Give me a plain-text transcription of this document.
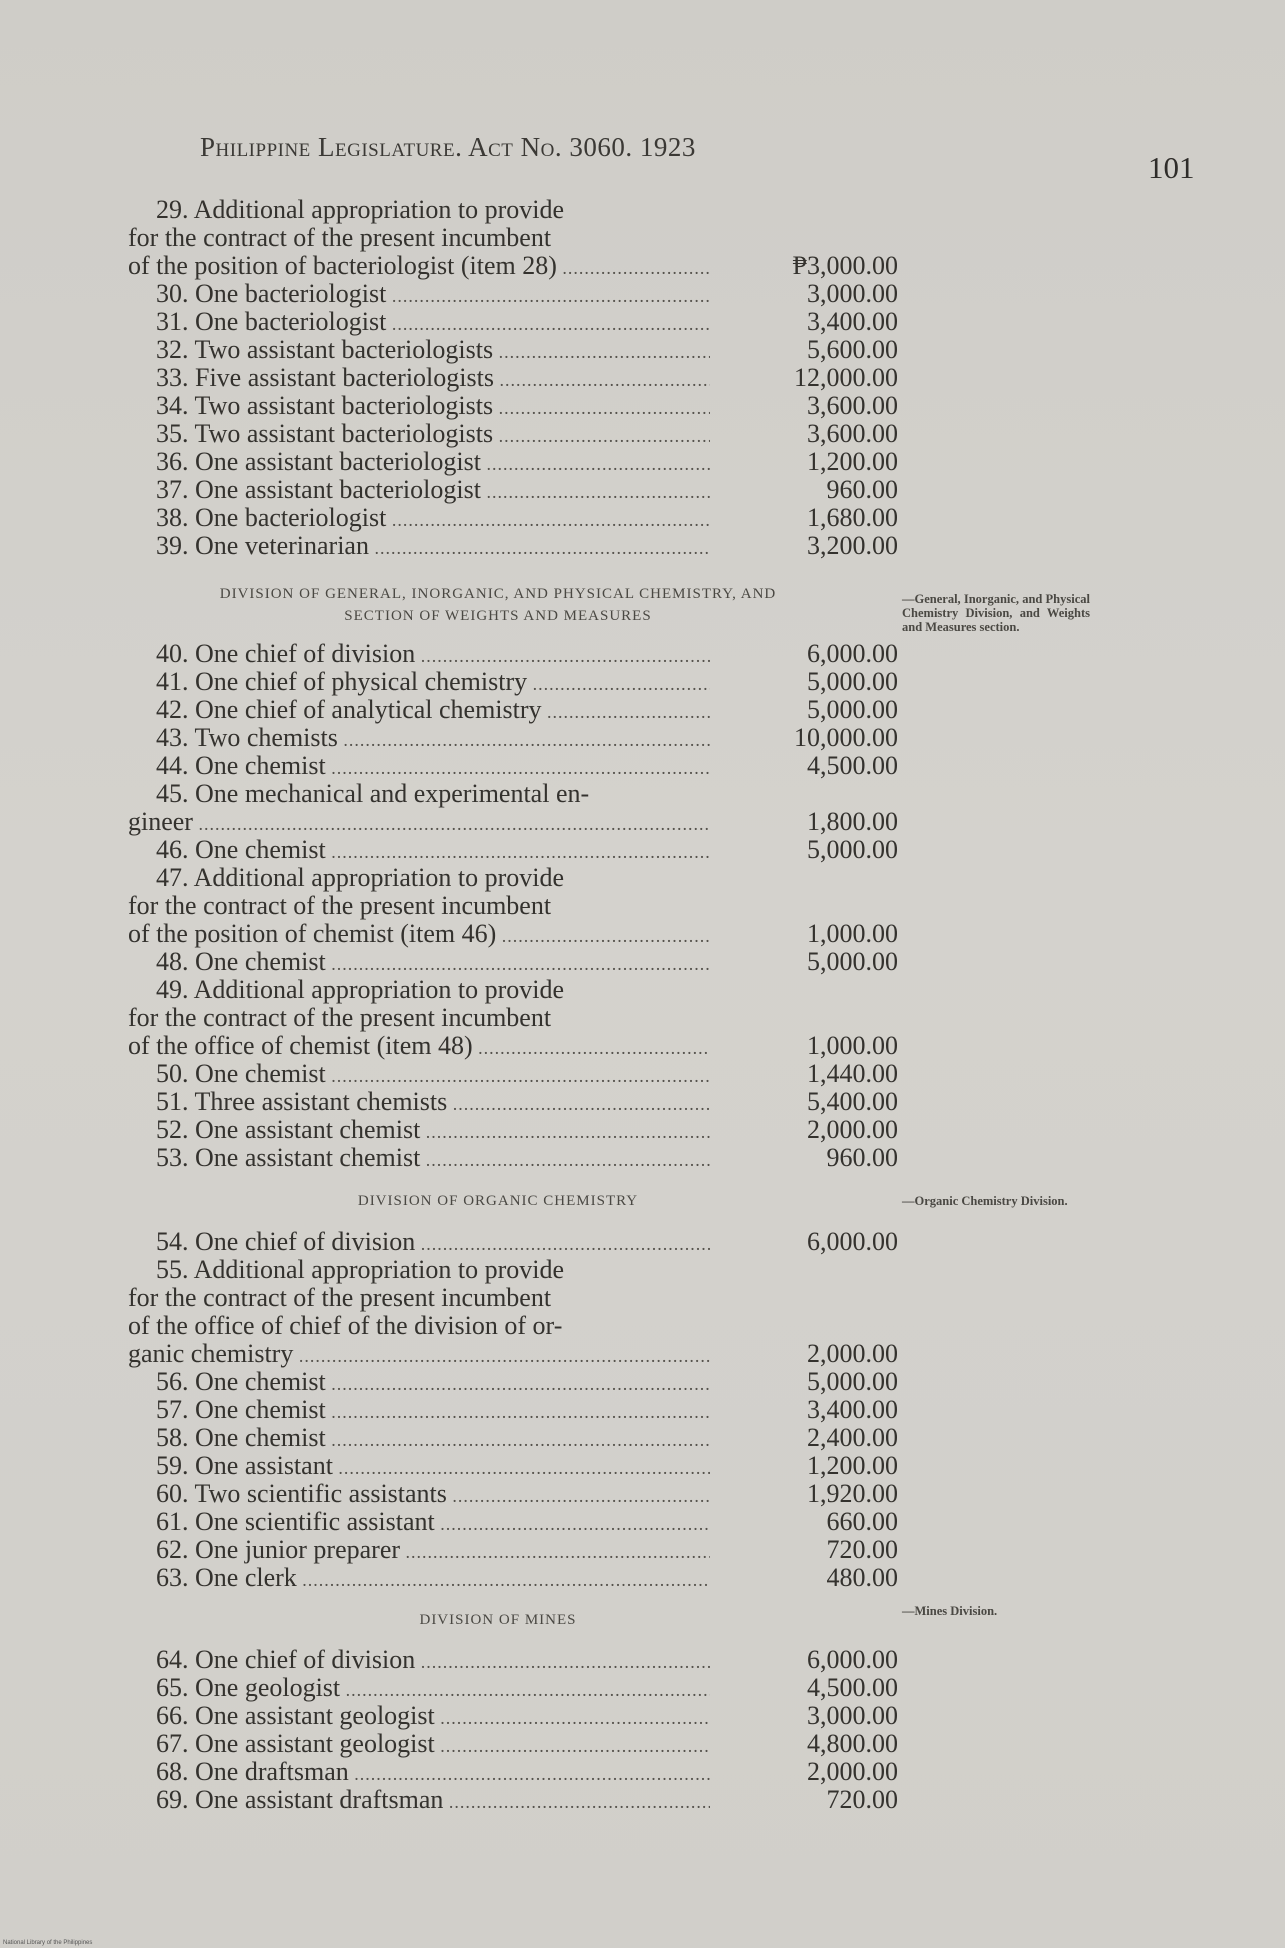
Philippine Legislature. Act No. 3060. 1923
101
29. Additional appropriation to provide
for the contract of the present incumbent
of the position of bacteriologist (item 28) .....	₱3,000.00
30. One bacteriologist .....	3,000.00
31. One bacteriologist .....	3,400.00
32. Two assistant bacteriologists .....	5,600.00
33. Five assistant bacteriologists .....	12,000.00
34. Two assistant bacteriologists .....	3,600.00
35. Two assistant bacteriologists .....	3,600.00
36. One assistant bacteriologist .....	1,200.00
37. One assistant bacteriologist .....	960.00
38. One bacteriologist .....	1,680.00
39. One veterinarian .....	3,200.00
40. One chief of division .....	6,000.00
41. One chief of physical chemistry .....	5,000.00
42. One chief of analytical chemistry .....	5,000.00
43. Two chemists .....	10,000.00
44. One chemist .....	4,500.00
45. One mechanical and experimental en-
gineer .....	1,800.00
46. One chemist .....	5,000.00
47. Additional appropriation to provide
for the contract of the present incumbent
of the position of chemist (item 46) .....	1,000.00
48. One chemist .....	5,000.00
49. Additional appropriation to provide
for the contract of the present incumbent
of the office of chemist (item 48) .....	1,000.00
50. One chemist .....	1,440.00
51. Three assistant chemists .....	5,400.00
52. One assistant chemist .....	2,000.00
53. One assistant chemist .....	960.00
54. One chief of division .....	6,000.00
55. Additional appropriation to provide
for the contract of the present incumbent
of the office of chief of the division of or-
ganic chemistry .....	2,000.00
56. One chemist .....	5,000.00
57. One chemist .....	3,400.00
58. One chemist .....	2,400.00
59. One assistant .....	1,200.00
60. Two scientific assistants .....	1,920.00
61. One scientific assistant .....	660.00
62. One junior preparer .....	720.00
63. One clerk .....	480.00
64. One chief of division .....	6,000.00
65. One geologist .....	4,500.00
66. One assistant geologist .....	3,000.00
67. One assistant geologist .....	4,800.00
68. One draftsman .....	2,000.00
69. One assistant draftsman .....	720.00
DIVISION OF GENERAL, INORGANIC, AND PHYSICAL CHEMISTRY, AND
SECTION OF WEIGHTS AND MEASURES
—General, Inorganic, and Physical Chemistry Division, and Weights and Measures section.
DIVISION OF ORGANIC CHEMISTRY	—Organic Chemistry Division.
DIVISION OF MINES
—Mines Division.
National Library of the Philippines
